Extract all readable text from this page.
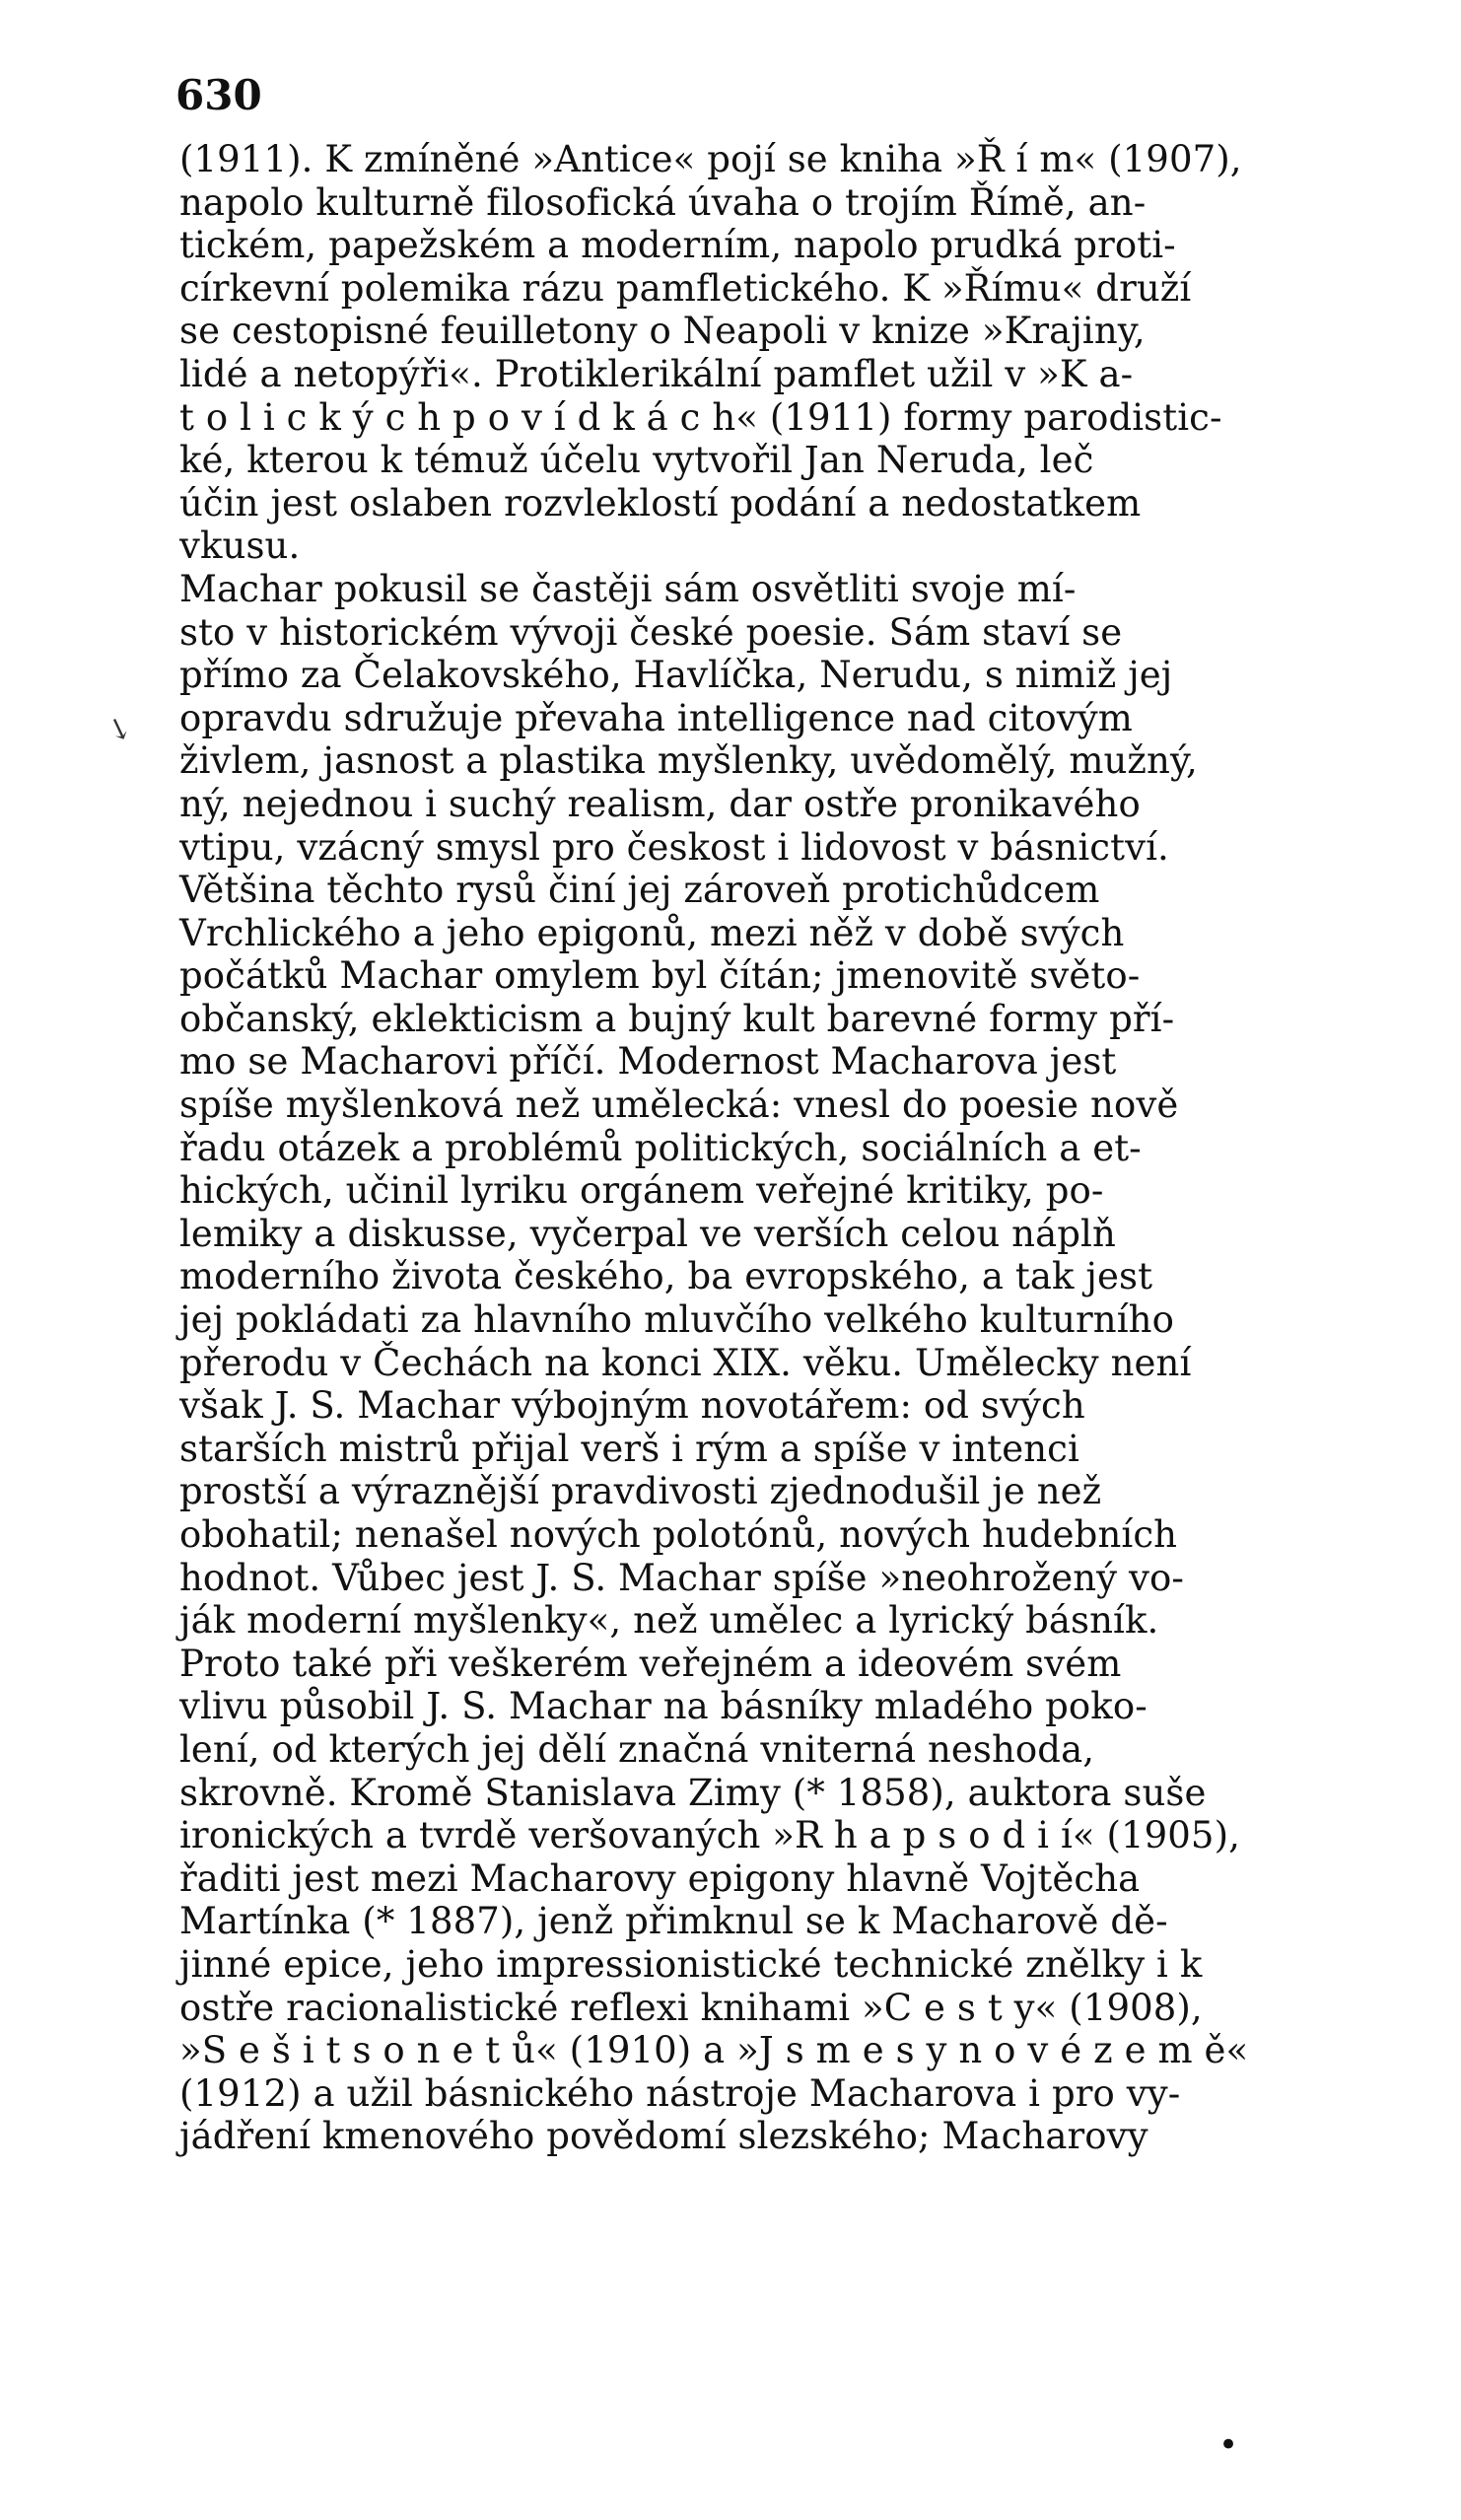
630
↘
(1911). K zmíněné »Antice« pojí se kniha »Ř í m« (1907),
napolo kulturně filosofická úvaha o trojím Římě, an-
tickém, papežském a moderním, napolo prudká proti-
církevní polemika rázu pamfletického. K »Římu« druží
se cestopisné feuilletony o Neapoli v knize »Krajiny,
lidé a netopýři«. Protiklerikální pamflet užil v »K a-
t o l i c k ý c h p o v í d k á c h« (1911) formy parodistic-
ké, kterou k témuž účelu vytvořil Jan Neruda, leč
účin jest oslaben rozvleklostí podání a nedostatkem
vkusu.
Machar pokusil se častěji sám osvětliti svoje mí-
sto v historickém vývoji české poesie. Sám staví se
přímo za Čelakovského, Havlíčka, Nerudu, s nimiž jej
opravdu sdružuje převaha intelligence nad citovým
živlem, jasnost a plastika myšlenky, uvědomělý, mužný,
ný, nejednou i suchý realism, dar ostře pronikavého
vtipu, vzácný smysl pro českost i lidovost v básnictví.
Většina těchto rysů činí jej zároveň protichůdcem
Vrchlického a jeho epigonů, mezi něž v době svých
počátků Machar omylem byl čítán; jmenovitě světo-
občanský, eklekticism a bujný kult barevné formy pří-
mo se Macharovi příčí. Modernost Macharova jest
spíše myšlenková než umělecká: vnesl do poesie nově
řadu otázek a problémů politických, sociálních a et-
hických, učinil lyriku orgánem veřejné kritiky, po-
lemiky a diskusse, vyčerpal ve verších celou náplň
moderního života českého, ba evropského, a tak jest
jej pokládati za hlavního mluvčího velkého kulturního
přerodu v Čechách na konci XIX. věku. Umělecky není
však J. S. Machar výbojným novotářem: od svých
starších mistrů přijal verš i rým a spíše v intenci
prostší a výraznější pravdivosti zjednodušil je než
obohatil; nenašel nových polotónů, nových hudebních
hodnot. Vůbec jest J. S. Machar spíše »neohrožený vo-
ják moderní myšlenky«, než umělec a lyrický básník.
Proto také při veškerém veřejném a ideovém svém
vlivu působil J. S. Machar na básníky mladého poko-
lení, od kterých jej dělí značná vniterná neshoda,
skrovně. Kromě Stanislava Zimy (* 1858), auktora suše
ironických a tvrdě veršovaných »R h a p s o d i í« (1905),
řaditi jest mezi Macharovy epigony hlavně Vojtěcha
Martínka (* 1887), jenž přimknul se k Macharově dě-
jinné epice, jeho impressionistické technické znělky i k
ostře racionalistické reflexi knihami »C e s t y« (1908),
»S e š i t s o n e t ů« (1910) a »J s m e s y n o v é z e m ě«
(1912) a užil básnického nástroje Macharova i pro vy-
jádření kmenového povědomí slezského; Macharovy
•
